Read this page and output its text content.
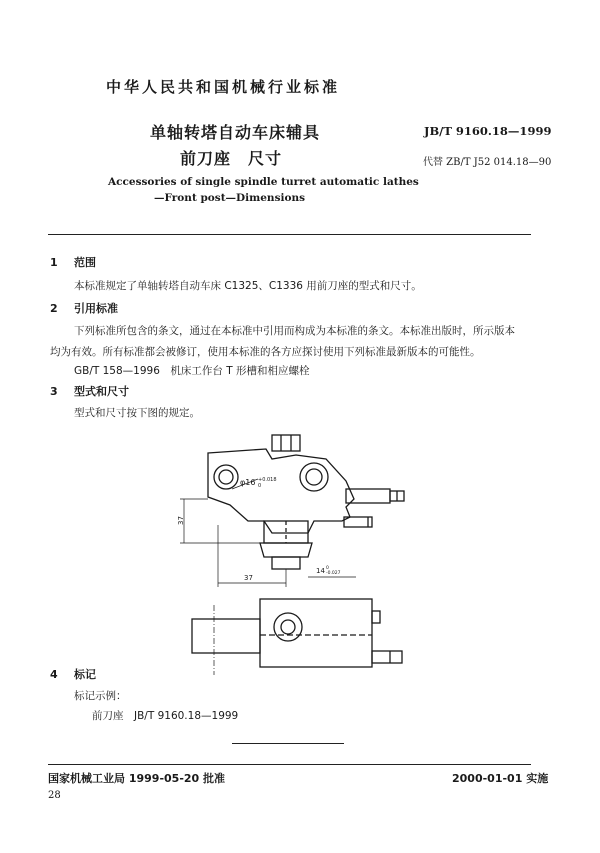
中华人民共和国机械行业标准
单轴转塔自动车床辅具
前刀座　尺寸
JB/T 9160.18—1999
代替 ZB/T J52 014.18—90
Accessories of single spindle turret automatic lathes
—Front post—Dimensions
1 范围
本标准规定了单轴转塔自动车床 C1325、C1336 用前刀座的型式和尺寸。
2 引用标准
下列标准所包含的条文，通过在本标准中引用而构成为本标准的条文。本标准出版时，所示版本
均为有效。所有标准都会被修订，使用本标准的各方应探讨使用下列标准最新版本的可能性。
GB/T 158—1996　机床工作台 T 形槽和相应螺栓
3 型式和尺寸
型式和尺寸按下图的规定。
φ16 +0.018
0
37
37
14 0
-0.027
4 标记
标记示例：
前刀座　JB/T 9160.18—1999
国家机械工业局 1999-05-20 批准	2000-01-01 实施
28
